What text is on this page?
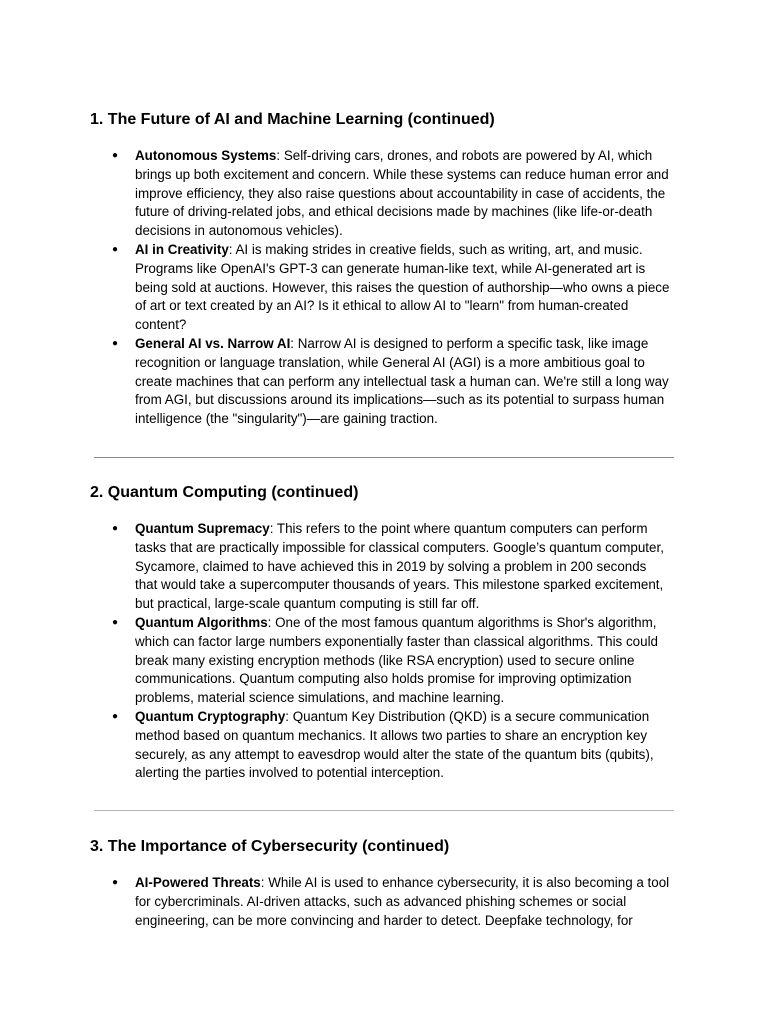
1. The Future of AI and Machine Learning (continued)
● Autonomous Systems: Self-driving cars, drones, and robots are powered by AI, which brings up both excitement and concern. While these systems can reduce human error and improve efficiency, they also raise questions about accountability in case of accidents, the future of driving-related jobs, and ethical decisions made by machines (like life-or-death decisions in autonomous vehicles).
● AI in Creativity: AI is making strides in creative fields, such as writing, art, and music. Programs like OpenAI's GPT-3 can generate human-like text, while AI-generated art is being sold at auctions. However, this raises the question of authorship—who owns a piece of art or text created by an AI? Is it ethical to allow AI to "learn" from human-created content?
● General AI vs. Narrow AI: Narrow AI is designed to perform a specific task, like image recognition or language translation, while General AI (AGI) is a more ambitious goal to create machines that can perform any intellectual task a human can. We're still a long way from AGI, but discussions around its implications—such as its potential to surpass human intelligence (the "singularity")—are gaining traction.
2. Quantum Computing (continued)
● Quantum Supremacy: This refers to the point where quantum computers can perform tasks that are practically impossible for classical computers. Google’s quantum computer, Sycamore, claimed to have achieved this in 2019 by solving a problem in 200 seconds that would take a supercomputer thousands of years. This milestone sparked excitement, but practical, large-scale quantum computing is still far off.
● Quantum Algorithms: One of the most famous quantum algorithms is Shor's algorithm, which can factor large numbers exponentially faster than classical algorithms. This could break many existing encryption methods (like RSA encryption) used to secure online communications. Quantum computing also holds promise for improving optimization problems, material science simulations, and machine learning.
● Quantum Cryptography: Quantum Key Distribution (QKD) is a secure communication method based on quantum mechanics. It allows two parties to share an encryption key securely, as any attempt to eavesdrop would alter the state of the quantum bits (qubits), alerting the parties involved to potential interception.
3. The Importance of Cybersecurity (continued)
● AI-Powered Threats: While AI is used to enhance cybersecurity, it is also becoming a tool for cybercriminals. AI-driven attacks, such as advanced phishing schemes or social engineering, can be more convincing and harder to detect. Deepfake technology, for
